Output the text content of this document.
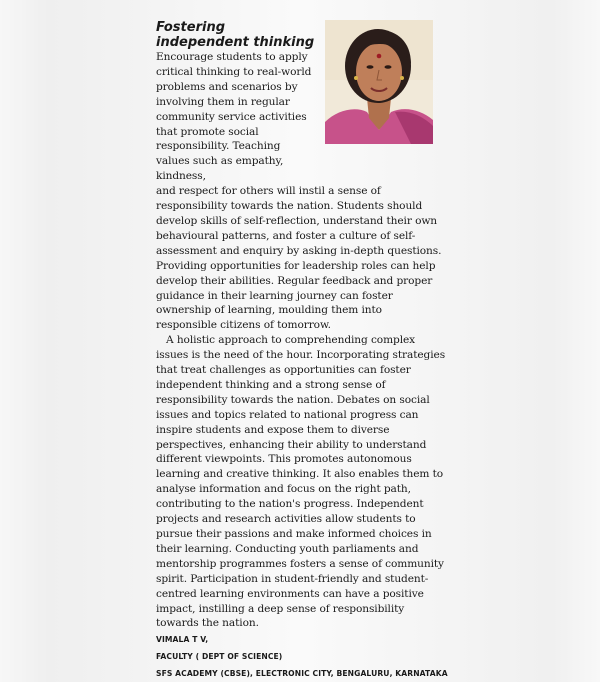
Fostering independent thinking

Encourage students to apply critical thinking to real-world problems and scenarios by involving them in regular community service activities that promote social responsibility. Teaching values such as empathy, kindness,

and respect for others will instil a sense of responsibility towards the nation. Students should develop skills of self-reflection, understand their own behavioural patterns, and foster a culture of self-assessment and enquiry by asking in-depth questions. Providing opportunities for leadership roles can help develop their abilities. Regular feedback and proper guidance in their learning journey can foster ownership of learning, moulding them into responsible citizens of tomorrow.

A holistic approach to comprehending complex issues is the need of the hour. Incorporating strategies that treat challenges as opportunities can foster independent thinking and a strong sense of responsibility towards the nation. Debates on social issues and topics related to national progress can inspire students and expose them to diverse perspectives, enhancing their ability to understand different viewpoints. This promotes autonomous learning and creative thinking. It also enables them to analyse information and focus on the right path, contributing to the nation's progress. Independent projects and research activities allow students to pursue their passions and make informed choices in their learning. Conducting youth parliaments and mentorship programmes fosters a sense of community spirit. Participation in student-friendly and student-centred learning environments can have a positive impact, instilling a deep sense of responsibility towards the nation.

VIMALA T V,

FACULTY ( DEPT OF SCIENCE)

SFS ACADEMY (CBSE), ELECTRONIC CITY, BENGALURU, KARNATAKA
